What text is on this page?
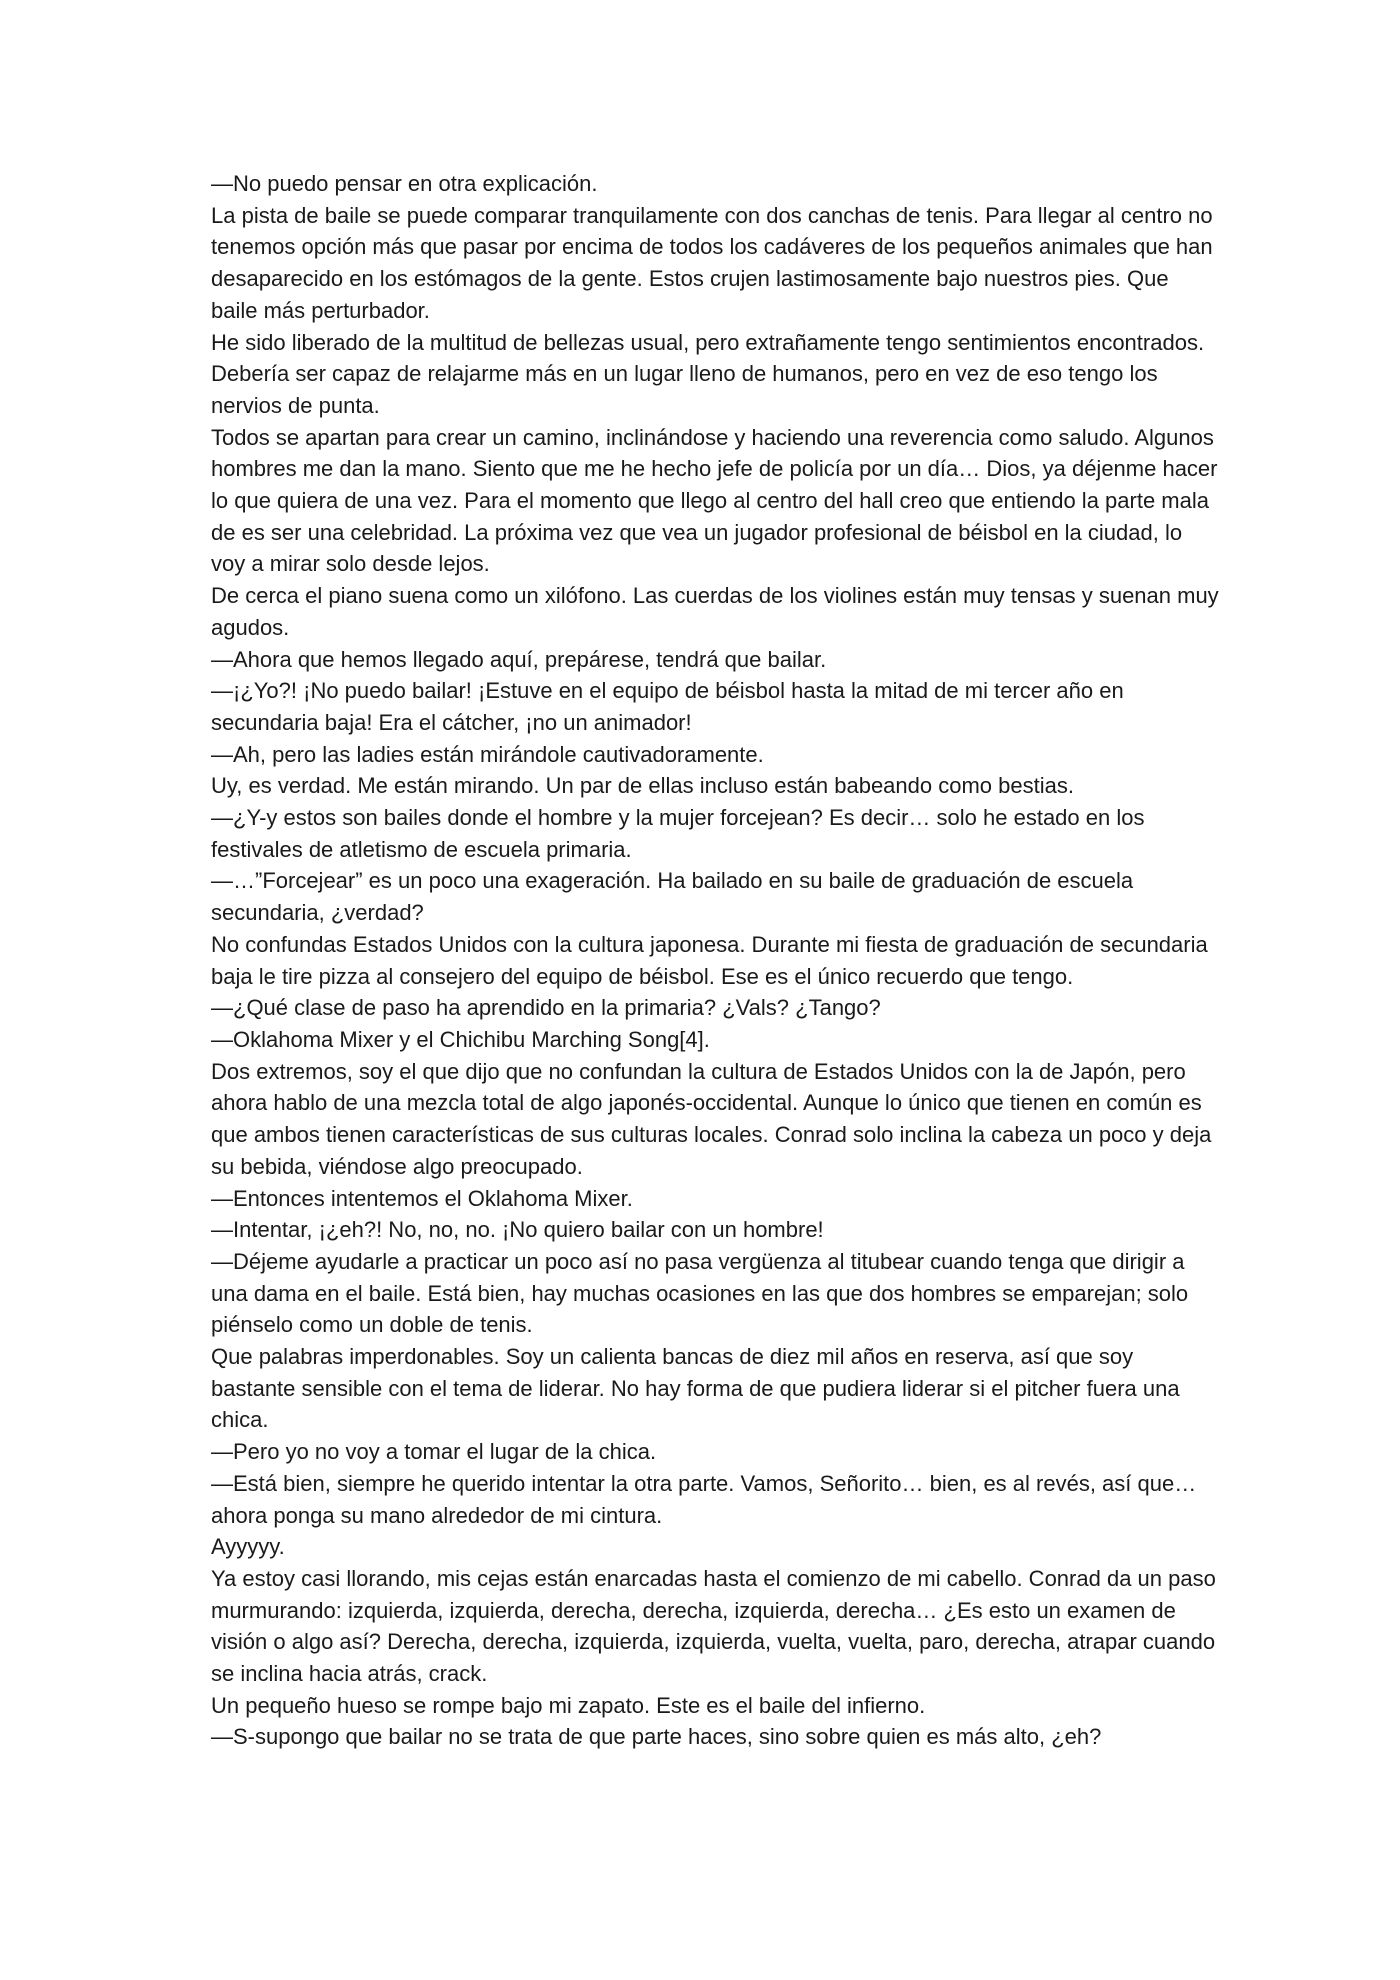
—No puedo pensar en otra explicación.

La pista de baile se puede comparar tranquilamente con dos canchas de tenis. Para llegar al centro no tenemos opción más que pasar por encima de todos los cadáveres de los pequeños animales que han desaparecido en los estómagos de la gente. Estos crujen lastimosamente bajo nuestros pies. Que baile más perturbador.

He sido liberado de la multitud de bellezas usual, pero extrañamente tengo sentimientos encontrados. Debería ser capaz de relajarme más en un lugar lleno de humanos, pero en vez de eso tengo los nervios de punta.

Todos se apartan para crear un camino, inclinándose y haciendo una reverencia como saludo. Algunos hombres me dan la mano. Siento que me he hecho jefe de policía por un día… Dios, ya déjenme hacer lo que quiera de una vez. Para el momento que llego al centro del hall creo que entiendo la parte mala de es ser una celebridad. La próxima vez que vea un jugador profesional de béisbol en la ciudad, lo voy a mirar solo desde lejos.

De cerca el piano suena como un xilófono. Las cuerdas de los violines están muy tensas y suenan muy agudos.

—Ahora que hemos llegado aquí, prepárese, tendrá que bailar.

—¡¿Yo?! ¡No puedo bailar! ¡Estuve en el equipo de béisbol hasta la mitad de mi tercer año en secundaria baja! Era el cátcher, ¡no un animador!

—Ah, pero las ladies están mirándole cautivadoramente.

Uy, es verdad. Me están mirando. Un par de ellas incluso están babeando como bestias.

—¿Y-y estos son bailes donde el hombre y la mujer forcejean? Es decir… solo he estado en los festivales de atletismo de escuela primaria.

—…”Forcejear” es un poco una exageración. Ha bailado en su baile de graduación de escuela secundaria, ¿verdad?

No confundas Estados Unidos con la cultura japonesa. Durante mi fiesta de graduación de secundaria baja le tire pizza al consejero del equipo de béisbol. Ese es el único recuerdo que tengo.

—¿Qué clase de paso ha aprendido en la primaria? ¿Vals? ¿Tango?

—Oklahoma Mixer y el Chichibu Marching Song[4].

Dos extremos, soy el que dijo que no confundan la cultura de Estados Unidos con la de Japón, pero ahora hablo de una mezcla total de algo japonés-occidental. Aunque lo único que tienen en común es que ambos tienen características de sus culturas locales. Conrad solo inclina la cabeza un poco y deja su bebida, viéndose algo preocupado.

—Entonces intentemos el Oklahoma Mixer.

—Intentar, ¡¿eh?! No, no, no. ¡No quiero bailar con un hombre!

—Déjeme ayudarle a practicar un poco así no pasa vergüenza al titubear cuando tenga que dirigir a una dama en el baile. Está bien, hay muchas ocasiones en las que dos hombres se emparejan; solo piénselo como un doble de tenis.

Que palabras imperdonables. Soy un calienta bancas de diez mil años en reserva, así que soy bastante sensible con el tema de liderar. No hay forma de que pudiera liderar si el pitcher fuera una chica.

—Pero yo no voy a tomar el lugar de la chica.

—Está bien, siempre he querido intentar la otra parte. Vamos, Señorito… bien, es al revés, así que… ahora ponga su mano alrededor de mi cintura.

Ayyyyy.

Ya estoy casi llorando, mis cejas están enarcadas hasta el comienzo de mi cabello. Conrad da un paso murmurando: izquierda, izquierda, derecha, derecha, izquierda, derecha… ¿Es esto un examen de visión o algo así? Derecha, derecha, izquierda, izquierda, vuelta, vuelta, paro, derecha, atrapar cuando se inclina hacia atrás, crack.

Un pequeño hueso se rompe bajo mi zapato. Este es el baile del infierno.

—S-supongo que bailar no se trata de que parte haces, sino sobre quien es más alto, ¿eh?
